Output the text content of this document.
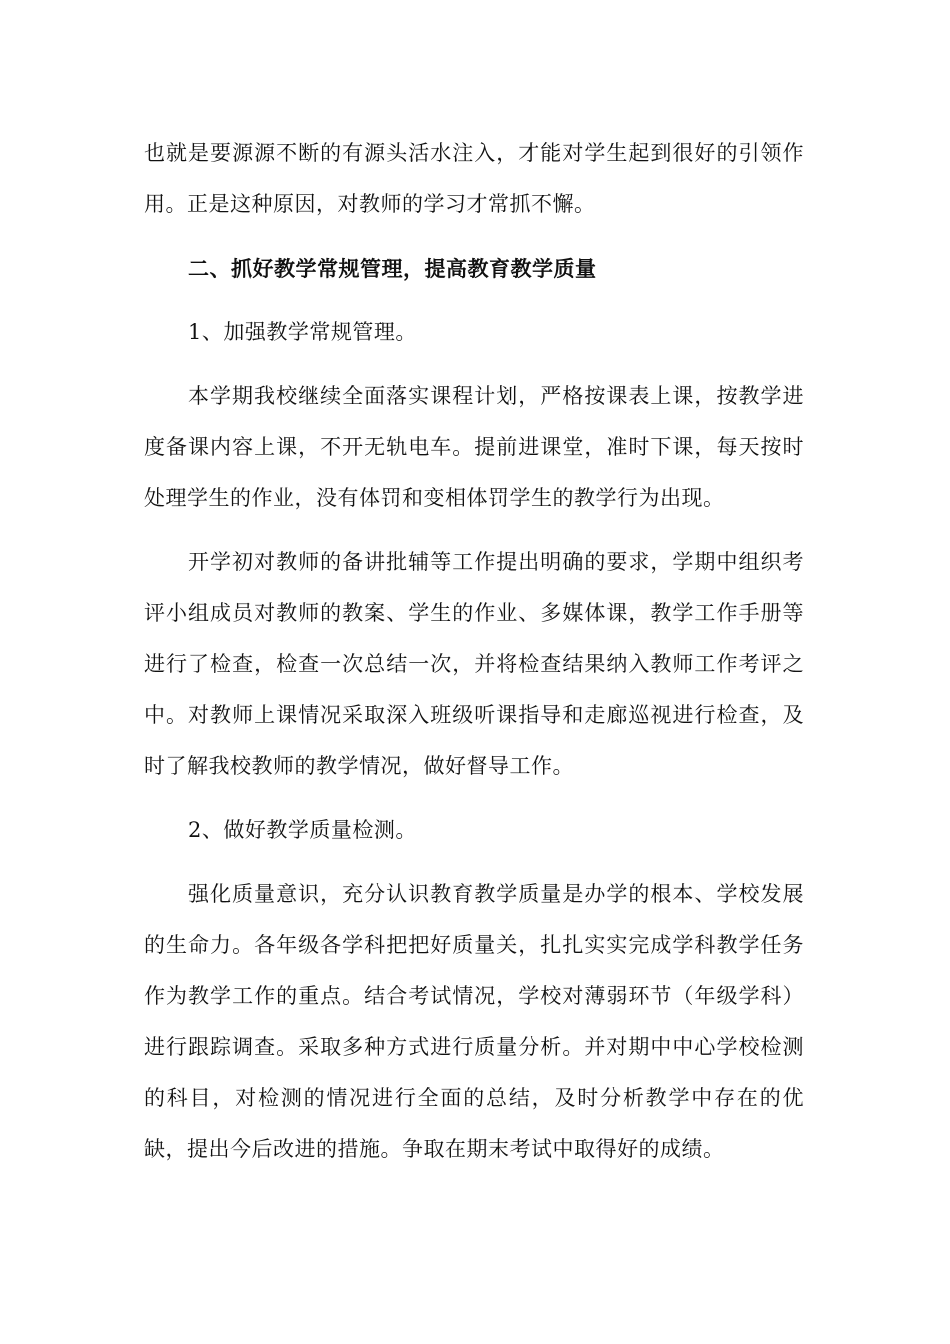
也就是要源源不断的有源头活水注入，才能对学生起到很好的引领作用。正是这种原因，对教师的学习才常抓不懈。

二、抓好教学常规管理，提高教育教学质量

1、加强教学常规管理。

本学期我校继续全面落实课程计划，严格按课表上课，按教学进度备课内容上课，不开无轨电车。提前进课堂，准时下课，每天按时处理学生的作业，没有体罚和变相体罚学生的教学行为出现。

开学初对教师的备讲批辅等工作提出明确的要求，学期中组织考评小组成员对教师的教案、学生的作业、多媒体课，教学工作手册等进行了检查，检查一次总结一次，并将检查结果纳入教师工作考评之中。对教师上课情况采取深入班级听课指导和走廊巡视进行检查，及时了解我校教师的教学情况，做好督导工作。

2、做好教学质量检测。

强化质量意识，充分认识教育教学质量是办学的根本、学校发展的生命力。各年级各学科把把好质量关，扎扎实实完成学科教学任务作为教学工作的重点。结合考试情况，学校对薄弱环节（年级学科）进行跟踪调查。采取多种方式进行质量分析。并对期中中心学校检测的科目，对检测的情况进行全面的总结，及时分析教学中存在的优缺，提出今后改进的措施。争取在期末考试中取得好的成绩。
